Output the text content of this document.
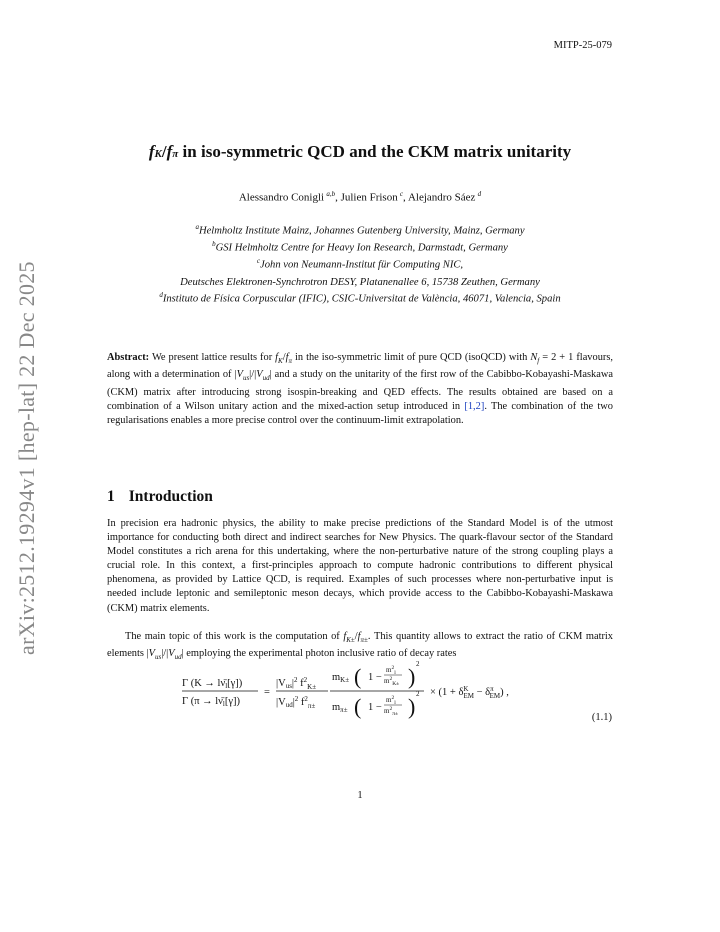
MITP-25-079
arXiv:2512.19294v1 [hep-lat] 22 Dec 2025
fK/fπ in iso-symmetric QCD and the CKM matrix unitarity
Alessandro Conigli  $^{a,b}$, Julien Frison  $^c$, Alejandro Sáez  $^d$
$^a$Helmholtz Institute Mainz, Johannes Gutenberg University, Mainz, Germany
$^b$GSI Helmholtz Centre for Heavy Ion Research, Darmstadt, Germany
$^c$John von Neumann-Institut für Computing NIC,
Deutsches Elektronen-Synchrotron DESY, Platanenallee 6, 15738 Zeuthen, Germany
$^d$Instituto de Física Corpuscular (IFIC), CSIC-Universitat de València, 46071, Valencia, Spain
Abstract: We present lattice results for $f_K/f_\pi$ in the iso-symmetric limit of pure QCD (isoQCD) with $N_f = 2 + 1$ flavours, along with a determination of $|V_{us}|/|V_{ud}|$ and a study on the unitarity of the first row of the Cabibbo-Kobayashi-Maskawa (CKM) matrix after introducing strong isospin-breaking and QED effects. The results obtained are based on a combination of a Wilson unitary action and the mixed-action setup introduced in [1,2]. The combination of the two regularisations enables a more precise control over the continuum-limit extrapolation.
1 Introduction
In precision era hadronic physics, the ability to make precise predictions of the Standard Model is of the utmost importance for conducting both direct and indirect searches for New Physics. The quark-flavour sector of the Standard Model constitutes a rich arena for this undertaking, where the non-perturbative nature of the strong coupling plays a crucial role. In this context, a first-principles approach to compute hadronic contributions to different physical phenomena, as provided by Lattice QCD, is required. Examples of such processes where non-perturbative input is needed include leptonic and semileptonic meson decays, which provide access to the Cabibbo-Kobayashi-Maskawa (CKM) matrix elements.
The main topic of this work is the computation of $f_{K\pm}/f_{\pi\pm}$. This quantity allows to extract the ratio of CKM matrix elements $|V_{us}|/|V_{ud}|$ employing the experimental photon inclusive ratio of decay rates
Γ (K → lν̄l[γ])
Γ (π → lν̄l[γ])
=
$|Vus|^2$ $f^2_{K\pm}$
$|Vud|^2$ $f^2_{\pi\pm}$
mK± ( 1 −
$m^2_l$
$m^2_{K\pm}$ ) 2
mπ± ( 1 −
$m^2_l$
$m^2_{\pi\pm}$ ) $2 \times (1 + \delta^K$ EM − $\delta^\pi$ EM) ,
(1.1)
1
